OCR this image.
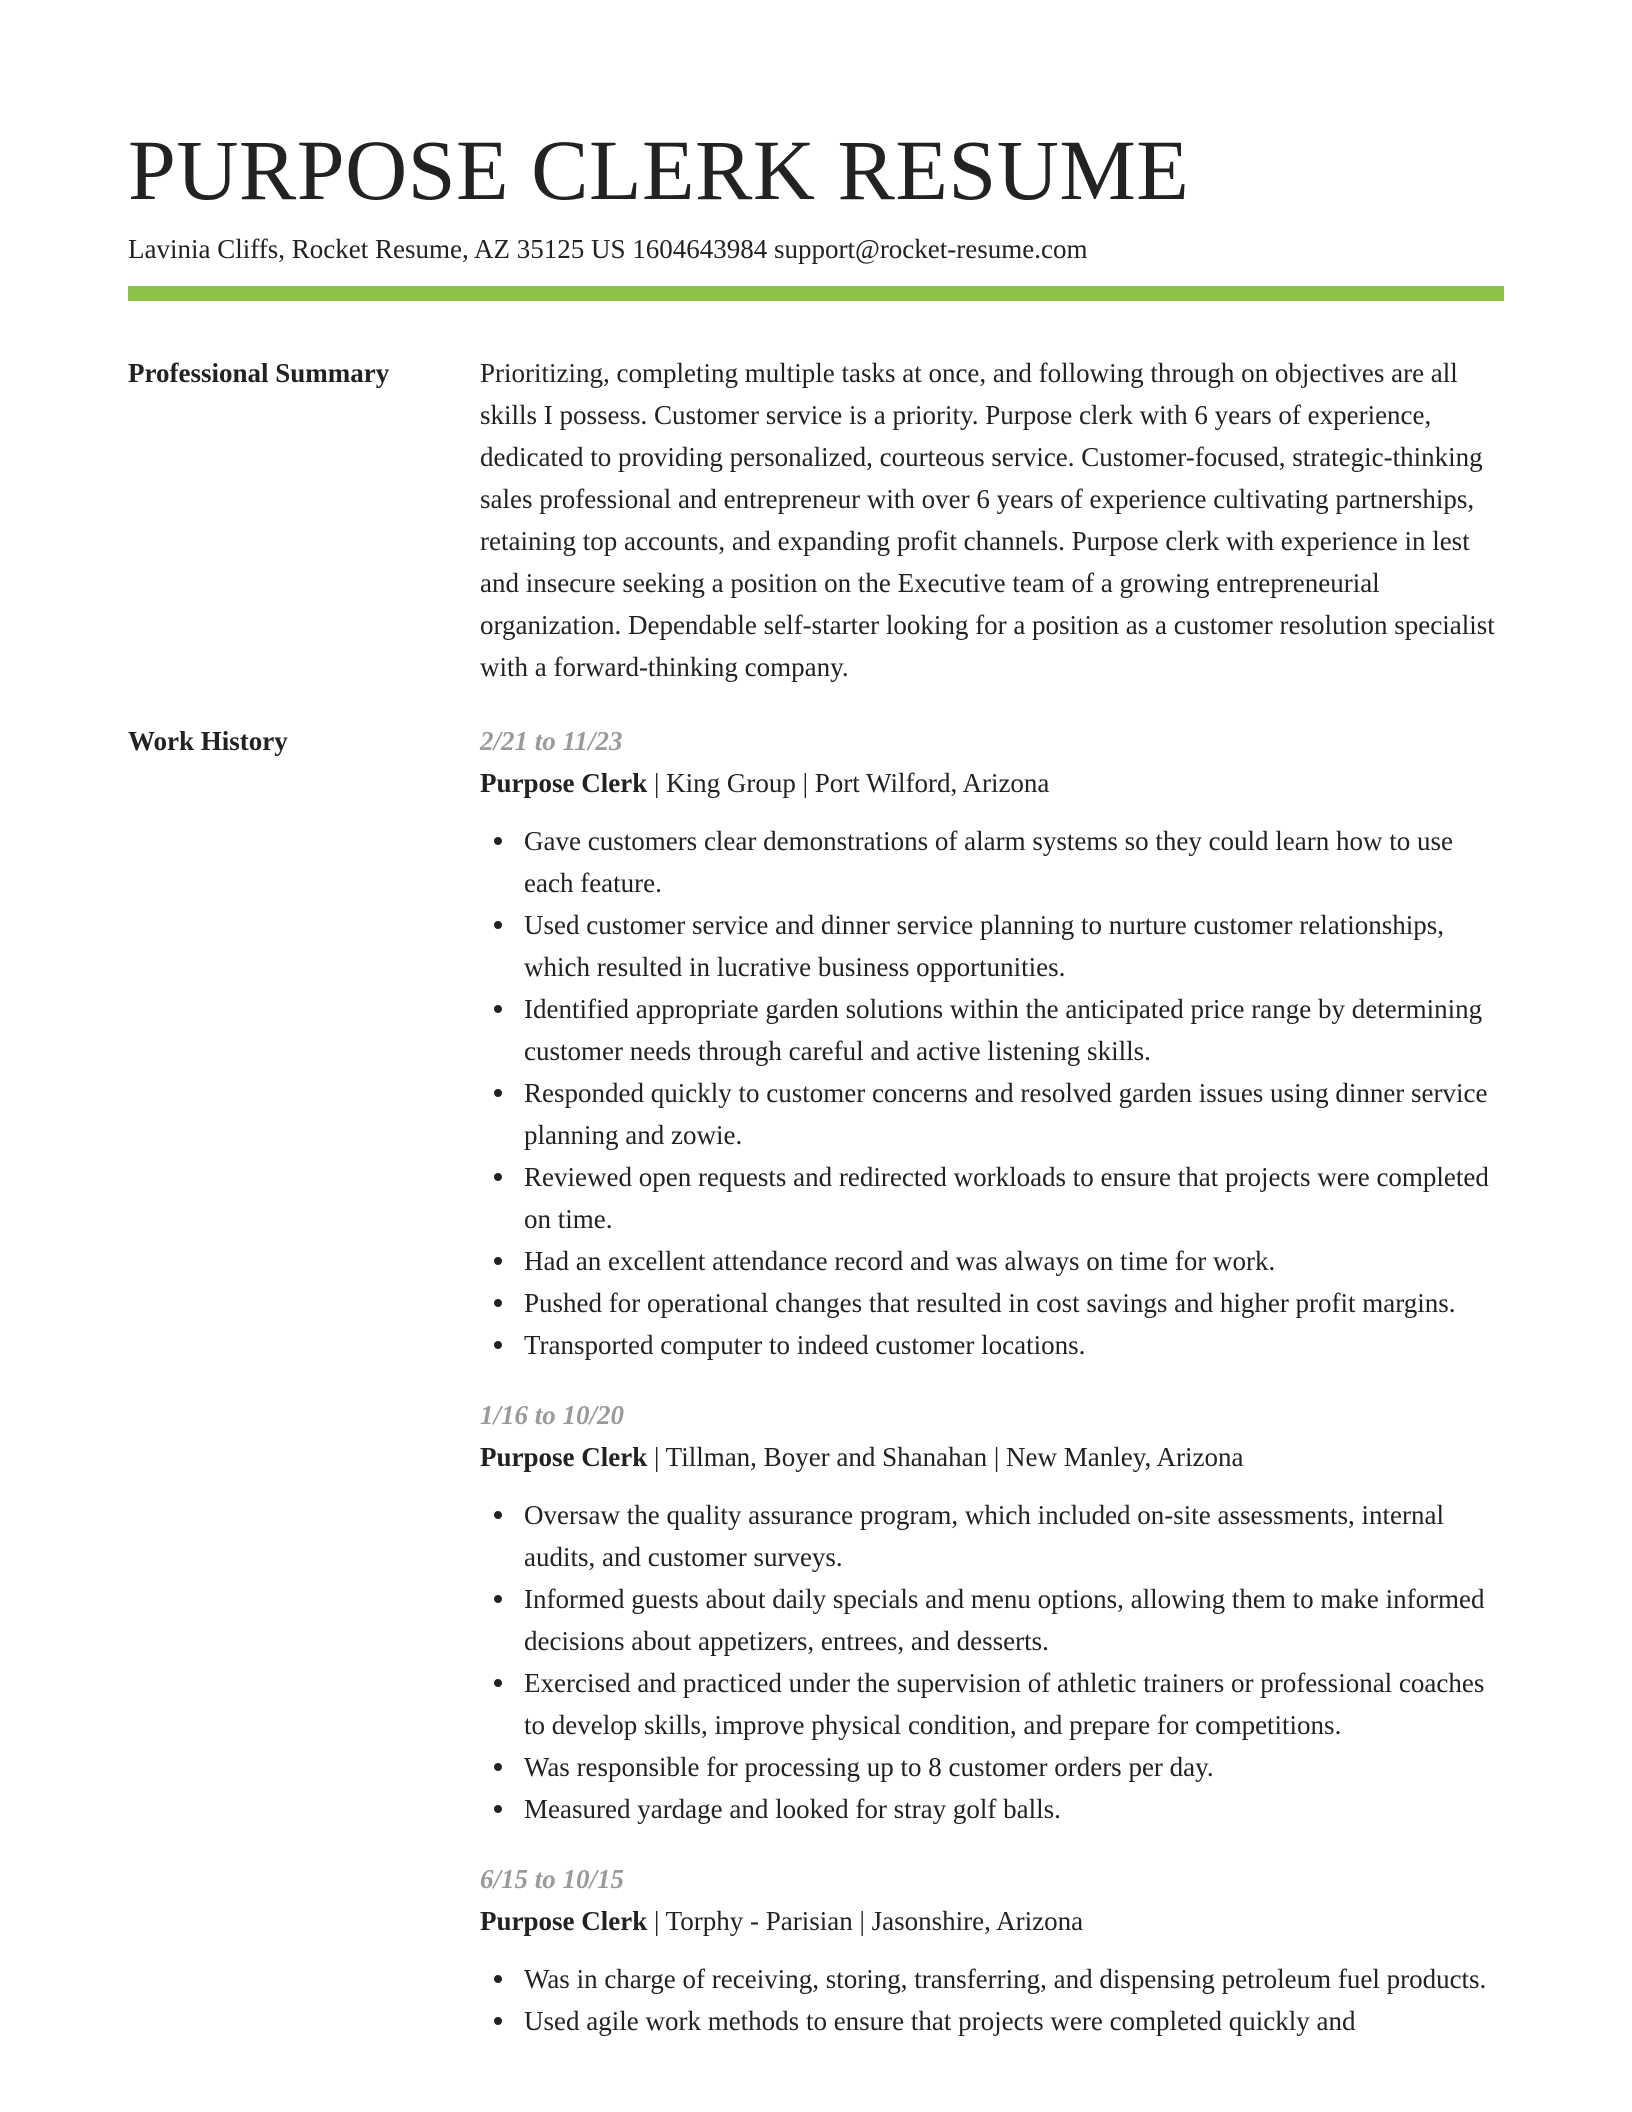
PURPOSE CLERK RESUME
Lavinia Cliffs, Rocket Resume, AZ 35125 US 1604643984 support@rocket-resume.com
Professional Summary	Prioritizing, completing multiple tasks at once, and following through on objectives are all skills I possess. Customer service is a priority. Purpose clerk with 6 years of experience, dedicated to providing personalized, courteous service. Customer-focused, strategic-thinking sales professional and entrepreneur with over 6 years of experience cultivating partnerships, retaining top accounts, and expanding profit channels. Purpose clerk with experience in lest and insecure seeking a position on the Executive team of a growing entrepreneurial organization. Dependable self-starter looking for a position as a customer resolution specialist with a forward-thinking company.

Work History	2/21 to 11/23
Purpose Clerk | King Group | Port Wilford, Arizona
Gave customers clear demonstrations of alarm systems so they could learn how to use each feature.
Used customer service and dinner service planning to nurture customer relationships, which resulted in lucrative business opportunities.
Identified appropriate garden solutions within the anticipated price range by determining customer needs through careful and active listening skills.
Responded quickly to customer concerns and resolved garden issues using dinner service planning and zowie.
Reviewed open requests and redirected workloads to ensure that projects were completed on time.
Had an excellent attendance record and was always on time for work.
Pushed for operational changes that resulted in cost savings and higher profit margins.
Transported computer to indeed customer locations.
1/16 to 10/20
Purpose Clerk | Tillman, Boyer and Shanahan | New Manley, Arizona
Oversaw the quality assurance program, which included on-site assessments, internal audits, and customer surveys.
Informed guests about daily specials and menu options, allowing them to make informed decisions about appetizers, entrees, and desserts.
Exercised and practiced under the supervision of athletic trainers or professional coaches to develop skills, improve physical condition, and prepare for competitions.
Was responsible for processing up to 8 customer orders per day.
Measured yardage and looked for stray golf balls.
6/15 to 10/15
Purpose Clerk | Torphy - Parisian | Jasonshire, Arizona
Was in charge of receiving, storing, transferring, and dispensing petroleum fuel products.
Used agile work methods to ensure that projects were completed quickly and
